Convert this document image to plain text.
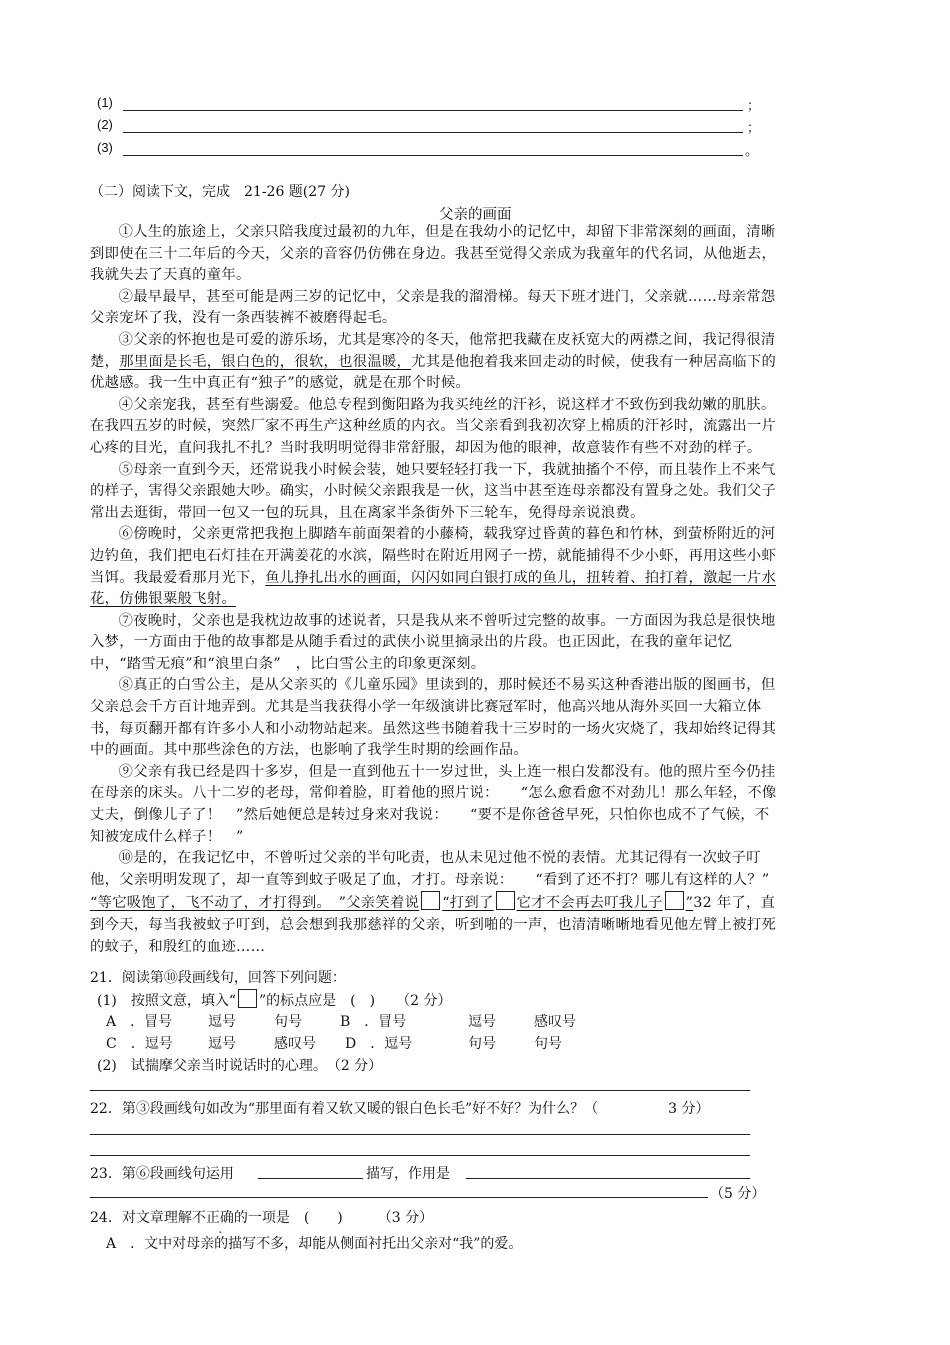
(1)	；
(2)	；
(3)	。
（二）阅读下文，完成　21-26 题(27 分)
父亲的画面

①人生的旅途上，父亲只陪我度过最初的九年，但是在我幼小的记忆中，却留下非常深刻的画面，清晰到即使在三十二年后的今天，父亲的音容仍仿佛在身边。我甚至觉得父亲成为我童年的代名词，从他逝去，我就失去了天真的童年。

②最早最早，甚至可能是两三岁的记忆中，父亲是我的溜滑梯。每天下班才进门，父亲就……母亲常怨父亲宠坏了我，没有一条西装裤不被磨得起毛。

③父亲的怀抱也是可爱的游乐场，尤其是寒冷的冬天，他常把我藏在皮袄宽大的两襟之间，我记得很清楚，那里面是长毛，银白色的，很软，也很温暖，尤其是他抱着我来回走动的时候，使我有一种居高临下的优越感。我一生中真正有“独子”的感觉，就是在那个时候。

④父亲宠我，甚至有些溺爱。他总专程到衡阳路为我买纯丝的汗衫，说这样才不致伤到我幼嫩的肌肤。在我四五岁的时候，突然厂家不再生产这种丝质的内衣。当父亲看到我初次穿上棉质的汗衫时，流露出一片心疼的目光，直问我扎不扎？当时我明明觉得非常舒服，却因为他的眼神，故意装作有些不对劲的样子。

⑤母亲一直到今天，还常说我小时候会装，她只要轻轻打我一下，我就抽搐个不停，而且装作上不来气的样子，害得父亲跟她大吵。确实，小时候父亲跟我是一伙，这当中甚至连母亲都没有置身之处。我们父子常出去逛街，带回一包又一包的玩具，且在离家半条街外下三轮车，免得母亲说浪费。

⑥傍晚时，父亲更常把我抱上脚踏车前面架着的小藤椅，载我穿过昏黄的暮色和竹林，到萤桥附近的河边钓鱼，我们把电石灯挂在开满姜花的水滨，隔些时在附近用网子一捞，就能捕得不少小虾，再用这些小虾当饵。我最爱看那月光下，鱼儿挣扎出水的画面，闪闪如同白银打成的鱼儿，扭转着、拍打着，激起一片水花，仿佛银粟般飞射。

⑦夜晚时，父亲也是我枕边故事的述说者，只是我从来不曾听过完整的故事。一方面因为我总是很快地入梦，一方面由于他的故事都是从随手看过的武侠小说里摘录出的片段。也正因此，在我的童年记忆中，“踏雪无痕”和“浪里白条”　，比白雪公主的印象更深刻。

⑧真正的白雪公主，是从父亲买的《儿童乐园》里读到的，那时候还不易买这种香港出版的图画书，但父亲总会千方百计地弄到。尤其是当我获得小学一年级演讲比赛冠军时，他高兴地从海外买回一大箱立体书，每页翻开都有许多小人和小动物站起来。虽然这些书随着我十三岁时的一场火灾烧了，我却始终记得其中的画面。其中那些涂色的方法，也影响了我学生时期的绘画作品。

⑨父亲有我已经是四十多岁，但是一直到他五十一岁过世，头上连一根白发都没有。他的照片至今仍挂在母亲的床头。八十二岁的老母，常仰着脸，盯着他的照片说：　　“怎么愈看愈不对劲儿！那么年轻，不像丈夫，倒像儿子了！　”然后她便总是转过身来对我说：　　“要不是你爸爸早死，只怕你也成不了气候，不知被宠成什么样子！　”

⑩是的，在我记忆中，不曾听过父亲的半句叱责，也从未见过他不悦的表情。尤其记得有一次蚊子叮他，父亲明明发现了，却一直等到蚊子吸足了血，才打。母亲说：　　“看到了还不打？哪儿有这样的人？”　　“等它吸饱了，飞不动了，才打得到。　”父亲笑着说 “打到了 它才不会再去叮我儿子 ”32 年了，直到今天，每当我被蚊子叮到，总会想到我那慈祥的父亲，听到啪的一声，也清清晰晰地看见他左臂上被打死的蚊子，和殷红的血迹……

21．阅读第⑩段画线句，回答下列问题：
(1)　按照文意，填入“ ”的标点应是　(　)　　（2 分）
A　．冒号	逗号	句号	B　．冒号	逗号	感叹号
C　．逗号	逗号	感叹号 D　．逗号	句号	句号
(2)　试揣摩父亲当时说话时的心理。　（2 分）
22．第③段画线句如改为“那里面有着又软又暖的银白色长毛”好不好？为什么？（　　　　　3 分）
23．第⑥段画线句运用	描写，作用是
（5 分）
24．对文章理解不正确的一项是　(　　)　　　（3 分）
A　．文中对母亲的描写不多，却能从侧面衬托出父亲对“我”的爱。
